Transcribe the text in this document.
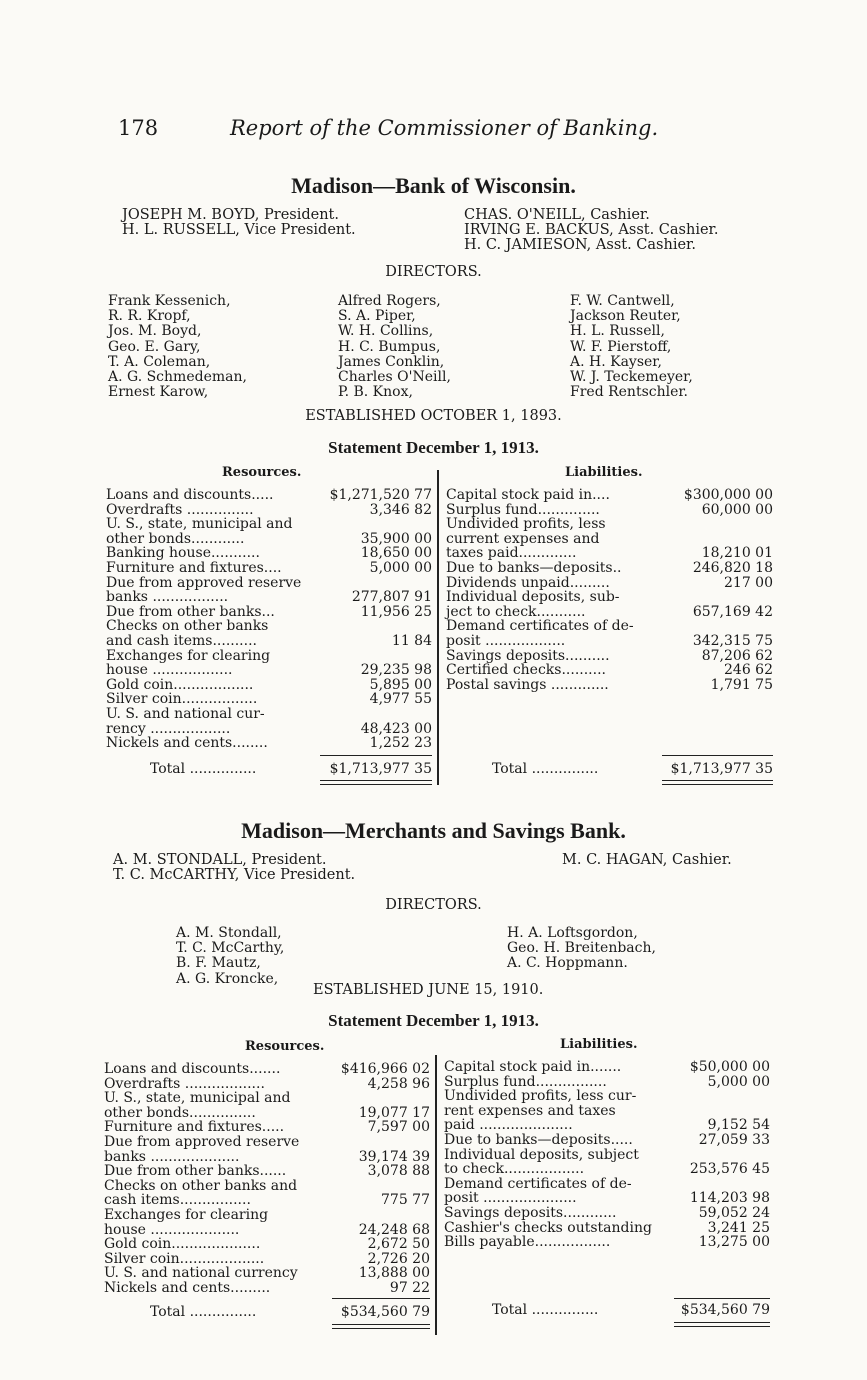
178	Report of the Commissioner of Banking.
Madison—Bank of Wisconsin.
JOSEPH M. BOYD, President.
H. L. RUSSELL, Vice President.
CHAS. O'NEILL, Cashier.
IRVING E. BACKUS, Asst. Cashier.
H. C. JAMIESON, Asst. Cashier.
DIRECTORS.
Frank Kessenich,
R. R. Kropf,
Jos. M. Boyd,
Geo. E. Gary,
T. A. Coleman,
A. G. Schmedeman,
Ernest Karow,
Alfred Rogers,
S. A. Piper,
W. H. Collins,
H. C. Bumpus,
James Conklin,
Charles O'Neill,
P. B. Knox,
F. W. Cantwell,
Jackson Reuter,
H. L. Russell,
W. F. Pierstoff,
A. H. Kayser,
W. J. Teckemeyer,
Fred Rentschler.
ESTABLISHED OCTOBER 1, 1893.
Statement December 1, 1913.
Resources.	Liabilities.
Loans and discounts.....	$1,271,520 77
Overdrafts ...............	3,346 82
U. S., state, municipal and
other bonds............	35,900 00
Banking house...........	18,650 00
Furniture and fixtures....	5,000 00
Due from approved reserve
banks .................	277,807 91
Due from other banks...	11,956 25
Checks on other banks
and cash items..........	11 84
Exchanges for clearing
house ..................	29,235 98
Gold coin..................	5,895 00
Silver coin.................	4,977 55
U. S. and national cur-
rency ..................	48,423 00
Nickels and cents........	1,252 23
Capital stock paid in....	$300,000 00
Surplus fund..............	60,000 00
Undivided profits, less
current expenses and
taxes paid.............	18,210 01
Due to banks—deposits..	246,820 18
Dividends unpaid.........	217 00
Individual deposits, sub-
ject to check...........	657,169 42
Demand certificates of de-
posit ..................	342,315 75
Savings deposits..........	87,206 62
Certified checks..........	246 62
Postal savings .............	1,791 75
Total ...............	$1,713,977 35	Total ...............	$1,713,977 35
Madison—Merchants and Savings Bank.
A. M. STONDALL, President.
T. C. McCARTHY, Vice President.
M. C. HAGAN, Cashier.
DIRECTORS.
A. M. Stondall,
T. C. McCarthy,
B. F. Mautz,
A. G. Kroncke,
H. A. Loftsgordon,
Geo. H. Breitenbach,
A. C. Hoppmann.
ESTABLISHED JUNE 15, 1910.
Statement December 1, 1913.
Resources.	Liabilities.
Loans and discounts.......	$416,966 02
Overdrafts ..................	4,258 96
U. S., state, municipal and
other bonds...............	19,077 17
Furniture and fixtures.....	7,597 00
Due from approved reserve
banks ....................	39,174 39
Due from other banks......	3,078 88
Checks on other banks and
cash items................	775 77
Exchanges for clearing
house ....................	24,248 68
Gold coin....................	2,672 50
Silver coin...................	2,726 20
U. S. and national currency	13,888 00
Nickels and cents.........	97 22
Capital stock paid in.......	$50,000 00
Surplus fund................	5,000 00
Undivided profits, less cur-
rent expenses and taxes
paid .....................	9,152 54
Due to banks—deposits.....	27,059 33
Individual deposits, subject
to check..................	253,576 45
Demand certificates of de-
posit .....................	114,203 98
Savings deposits............	59,052 24
Cashier's checks outstanding	3,241 25
Bills payable.................	13,275 00
Total ...............	$534,560 79	Total ...............	$534,560 79
